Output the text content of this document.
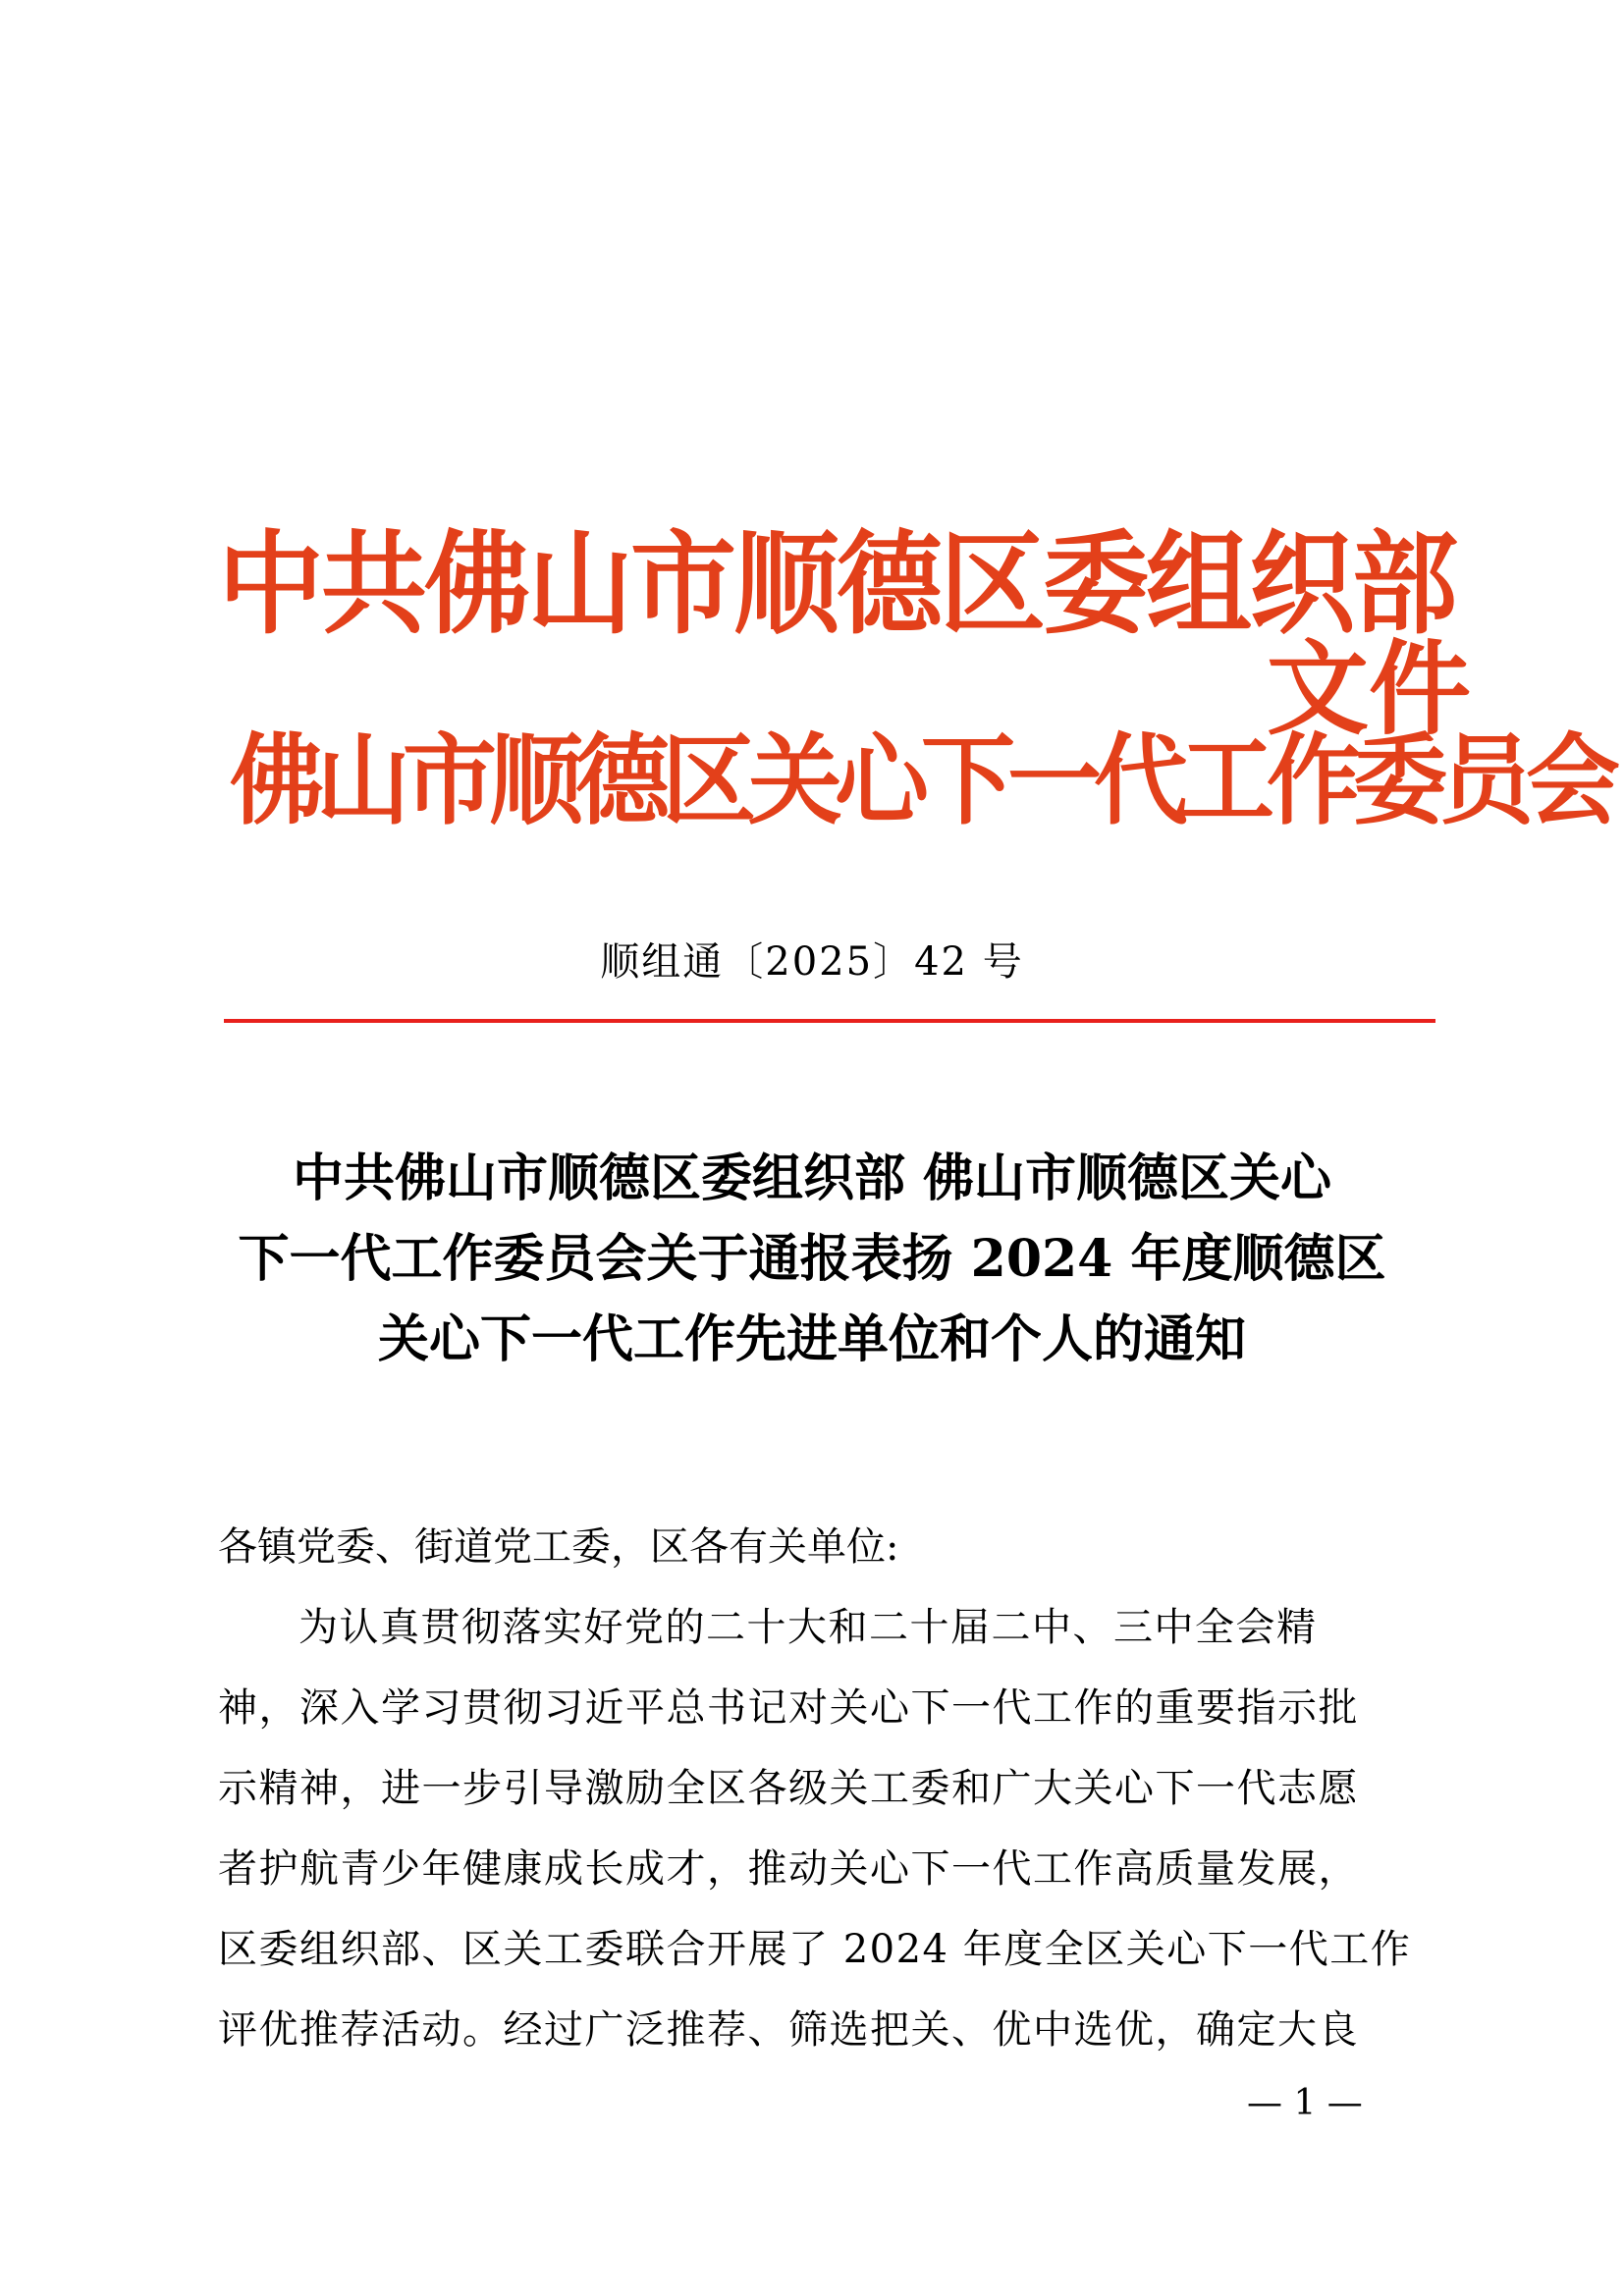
中共佛山市顺德区委组织部
佛山市顺德区关心下一代工作委员会
文件
顺组通〔2025〕42 号
中共佛山市顺德区委组织部 佛山市顺德区关心
下一代工作委员会关于通报表扬 2024 年度顺德区
关心下一代工作先进单位和个人的通知
各镇党委、街道党工委，区各有关单位:
为认真贯彻落实好党的二十大和二十届二中、三中全会精
神，深入学习贯彻习近平总书记对关心下一代工作的重要指示批
示精神，进一步引导激励全区各级关工委和广大关心下一代志愿
者护航青少年健康成长成才，推动关心下一代工作高质量发展，
区委组织部、区关工委联合开展了 2024 年度全区关心下一代工作
评优推荐活动。经过广泛推荐、筛选把关、优中选优，确定大良
— 1 —
